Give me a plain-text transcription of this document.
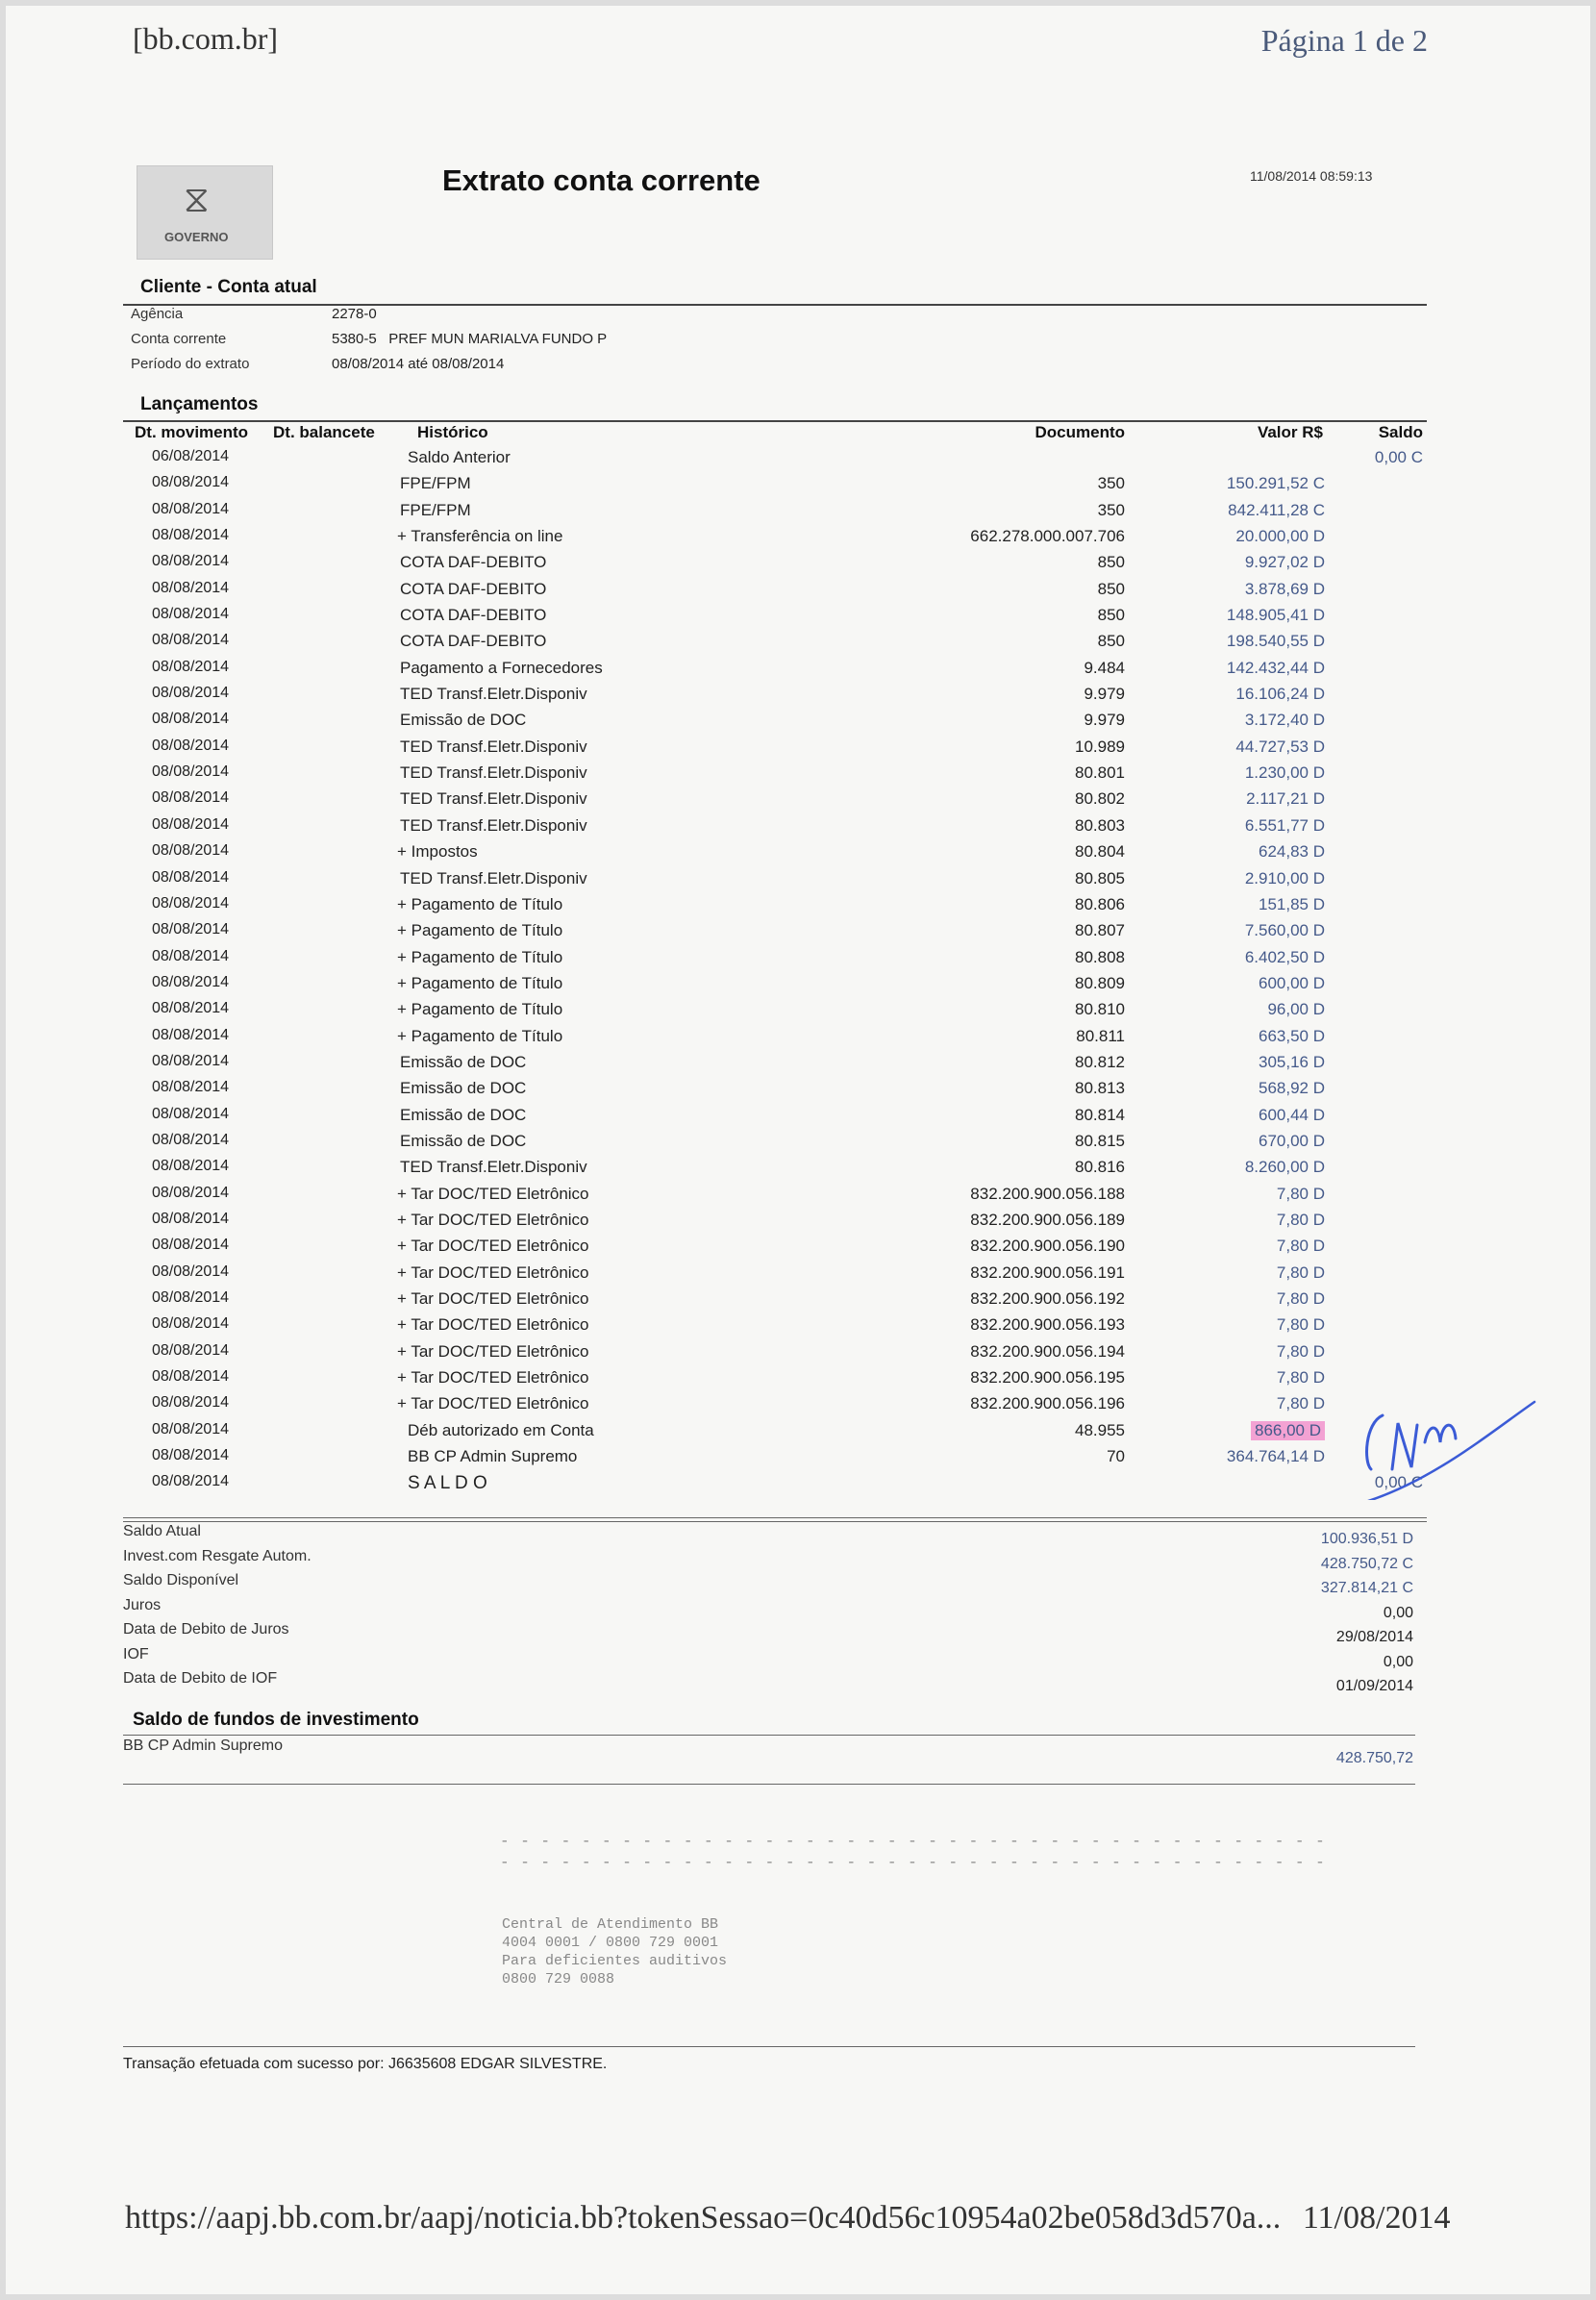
[bb.com.br]	Página 1 de 2
⧖
GOVERNO
Extrato conta corrente	11/08/2014 08:59:13
Cliente - Conta atual
Agência	2278-0
Conta corrente	5380-5   PREF MUN MARIALVA FUNDO P
Período do extrato	08/08/2014 até 08/08/2014
Lançamentos
Dt. movimento Dt. balancete	Histórico	Documento	Valor R$	Saldo
06/08/2014	Saldo Anterior	0,00 C
08/08/2014	FPE/FPM	350	150.291,52 C
08/08/2014	FPE/FPM	350	842.411,28 C
08/08/2014	+ Transferência on line	662.278.000.007.706	20.000,00 D
08/08/2014	COTA DAF-DEBITO	850	9.927,02 D
08/08/2014	COTA DAF-DEBITO	850	3.878,69 D
08/08/2014	COTA DAF-DEBITO	850	148.905,41 D
08/08/2014	COTA DAF-DEBITO	850	198.540,55 D
08/08/2014	Pagamento a Fornecedores	9.484	142.432,44 D
08/08/2014	TED Transf.Eletr.Disponiv	9.979	16.106,24 D
08/08/2014	Emissão de DOC	9.979	3.172,40 D
08/08/2014	TED Transf.Eletr.Disponiv	10.989	44.727,53 D
08/08/2014	TED Transf.Eletr.Disponiv	80.801	1.230,00 D
08/08/2014	TED Transf.Eletr.Disponiv	80.802	2.117,21 D
08/08/2014	TED Transf.Eletr.Disponiv	80.803	6.551,77 D
08/08/2014	+ Impostos	80.804	624,83 D
08/08/2014	TED Transf.Eletr.Disponiv	80.805	2.910,00 D
08/08/2014	+ Pagamento de Título	80.806	151,85 D
08/08/2014	+ Pagamento de Título	80.807	7.560,00 D
08/08/2014	+ Pagamento de Título	80.808	6.402,50 D
08/08/2014	+ Pagamento de Título	80.809	600,00 D
08/08/2014	+ Pagamento de Título	80.810	96,00 D
08/08/2014	+ Pagamento de Título	80.811	663,50 D
08/08/2014	Emissão de DOC	80.812	305,16 D
08/08/2014	Emissão de DOC	80.813	568,92 D
08/08/2014	Emissão de DOC	80.814	600,44 D
08/08/2014	Emissão de DOC	80.815	670,00 D
08/08/2014	TED Transf.Eletr.Disponiv	80.816	8.260,00 D
08/08/2014	+ Tar DOC/TED Eletrônico	832.200.900.056.188	7,80 D
08/08/2014	+ Tar DOC/TED Eletrônico	832.200.900.056.189	7,80 D
08/08/2014	+ Tar DOC/TED Eletrônico	832.200.900.056.190	7,80 D
08/08/2014	+ Tar DOC/TED Eletrônico	832.200.900.056.191	7,80 D
08/08/2014	+ Tar DOC/TED Eletrônico	832.200.900.056.192	7,80 D
08/08/2014	+ Tar DOC/TED Eletrônico	832.200.900.056.193	7,80 D
08/08/2014	+ Tar DOC/TED Eletrônico	832.200.900.056.194	7,80 D
08/08/2014	+ Tar DOC/TED Eletrônico	832.200.900.056.195	7,80 D
08/08/2014	+ Tar DOC/TED Eletrônico	832.200.900.056.196	7,80 D
08/08/2014	Déb autorizado em Conta	48.955	866,00 D
08/08/2014	BB CP Admin Supremo	70	364.764,14 D
08/08/2014	S A L D O	0,00 C
Saldo Atual	100.936,51 D
Invest.com Resgate Autom.	428.750,72 C
Saldo Disponível	327.814,21 C
Juros	0,00
Data de Debito de Juros	29/08/2014
IOF	0,00
Data de Debito de IOF	01/09/2014
Saldo de fundos de investimento
BB CP Admin Supremo
428.750,72
- - - - - - - - - - - - - - - - - - - - - - - - - - - - - - - - - - - - - - - - -
- - - - - - - - - - - - - - - - - - - - - - - - - - - - - - - - - - - - - - - - -
Central de Atendimento BB
4004 0001 / 0800 729 0001
Para deficientes auditivos
0800 729 0088
Transação efetuada com sucesso por: J6635608 EDGAR SILVESTRE.
https://aapj.bb.com.br/aapj/noticia.bb?tokenSessao=0c40d56c10954a02be058d3d570a... 11/08/2014
